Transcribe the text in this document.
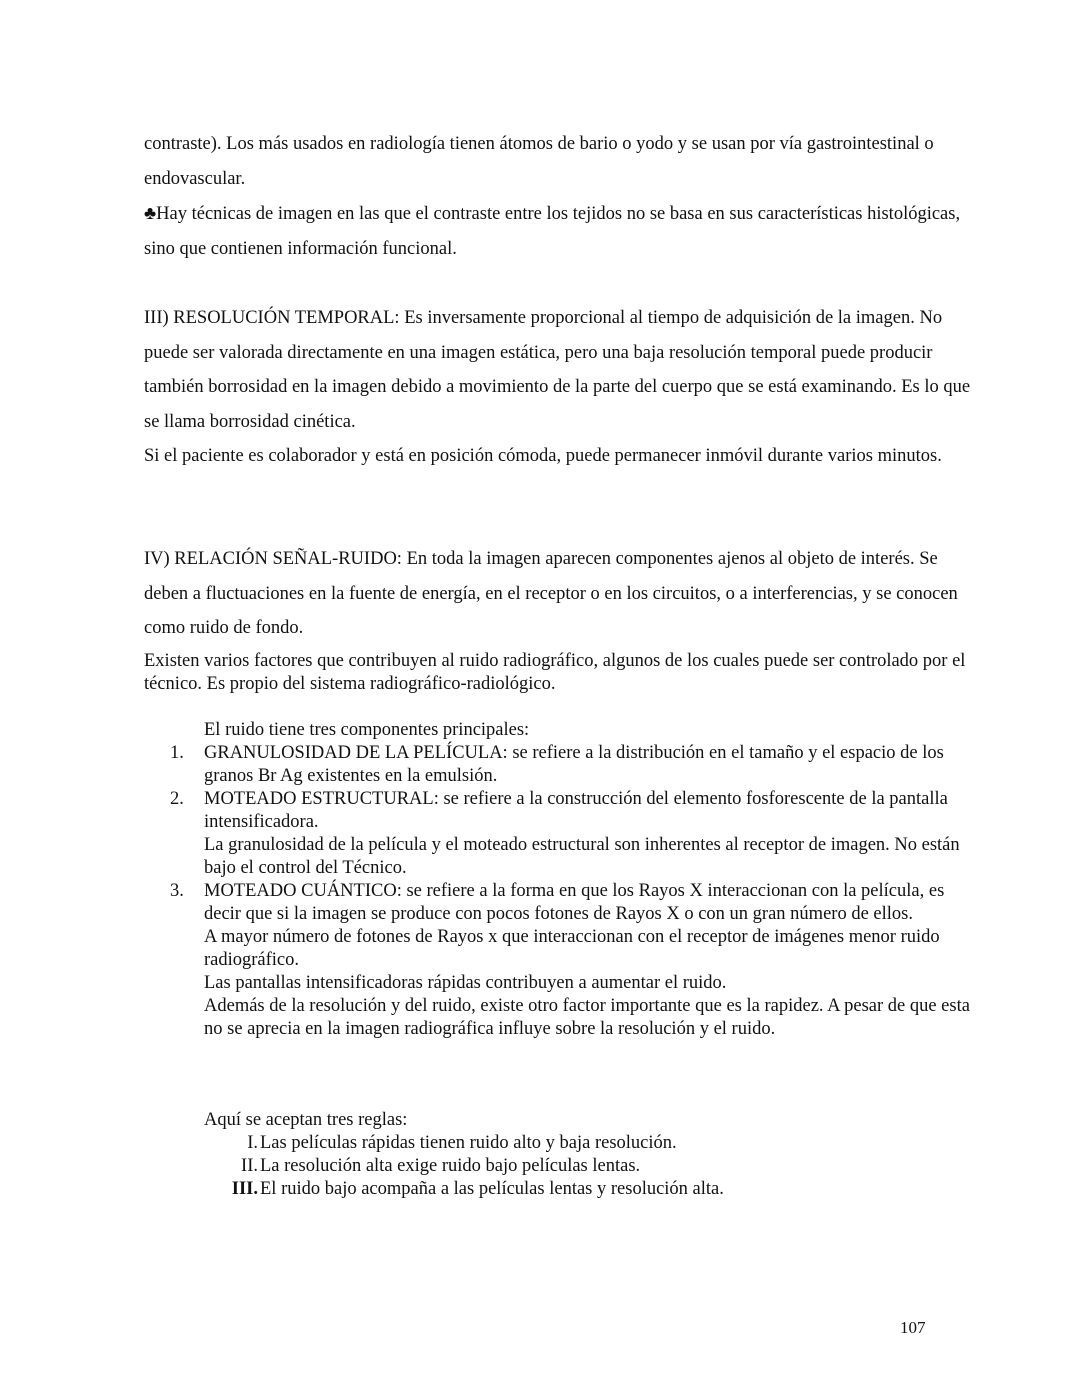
contraste). Los más usados en radiología tienen átomos de bario o yodo y se usan por vía gastrointestinal o endovascular.

♣Hay técnicas de imagen en las que el contraste entre los tejidos no se basa en sus características histológicas, sino que contienen información funcional.

III) RESOLUCIÓN TEMPORAL: Es inversamente proporcional al tiempo de adquisición de la imagen. No puede ser valorada directamente en una imagen estática, pero una baja resolución temporal puede producir también borrosidad en la imagen debido a movimiento de la parte del cuerpo que se está examinando. Es lo que se llama borrosidad cinética.

Si el paciente es colaborador y está en posición cómoda, puede permanecer inmóvil durante varios minutos.

IV) RELACIÓN SEÑAL-RUIDO: En toda la imagen aparecen componentes ajenos al objeto de interés. Se deben a fluctuaciones en la fuente de energía, en el receptor o en los circuitos, o a interferencias, y se conocen como ruido de fondo.

Existen varios factores que contribuyen al ruido radiográfico, algunos de los cuales puede ser controlado por el técnico. Es propio del sistema radiográfico-radiológico.

El ruido tiene tres componentes principales:
1.	GRANULOSIDAD DE LA PELÍCULA: se refiere a la distribución en el tamaño y el espacio de los granos Br Ag existentes en la emulsión.
2.	MOTEADO ESTRUCTURAL: se refiere a la construcción del elemento fosforescente de la pantalla intensificadora.
La granulosidad de la película y el moteado estructural son inherentes al receptor de imagen. No están bajo el control del Técnico.
3.	MOTEADO CUÁNTICO: se refiere a la forma en que los Rayos X interaccionan con la película, es decir que si la imagen se produce con pocos fotones de Rayos X o con un gran número de ellos.
A mayor número de fotones de Rayos x que interaccionan con el receptor de imágenes menor ruido radiográfico.
Las pantallas intensificadoras rápidas contribuyen a aumentar el ruido.
Además de la resolución y del ruido, existe otro factor importante que es la rapidez. A pesar de que esta no se aprecia en la imagen radiográfica influye sobre la resolución y el ruido.
Aquí se aceptan tres reglas:
I. Las películas rápidas tienen ruido alto y baja resolución.
II. La resolución alta exige ruido bajo películas lentas.
III. El ruido bajo acompaña a las películas lentas y resolución alta.
107
